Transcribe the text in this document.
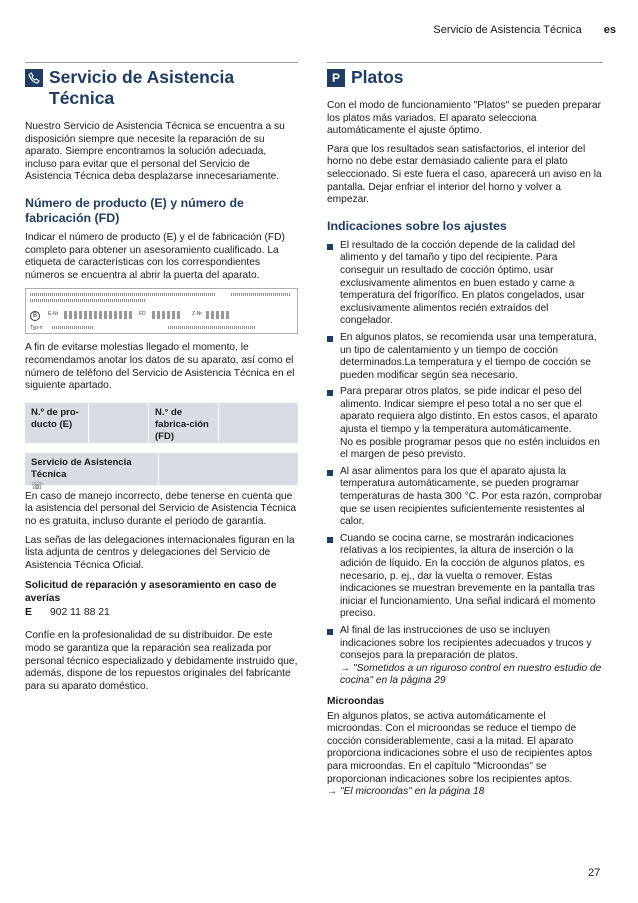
Servicio de Asistencia Técnica es
Servicio de Asistencia Técnica

Nuestro Servicio de Asistencia Técnica se encuentra a su disposición siempre que necesite la reparación de su aparato. Siempre encontramos la solución adecuada, incluso para evitar que el personal del Servicio de Asistencia Técnica deba desplazarse innecesariamente.

Número de producto (E) y número de fabricación (FD)

Indicar el número de producto (E) y el de fabricación (FD) completo para obtener un asesoramiento cualificado. La etiqueta de características con los correspondientes números se encuentra al abrir la puerta del aparato.

B	E-Nr	FD	Z-Nr
Typ-n

A fin de evitarse molestias llegado el momento, le recomendamos anotar los datos de su aparato, así como el número de teléfono del Servicio de Asistencia Técnica en el siguiente apartado.

N.º de pro-ducto (E)
N.° de fabrica-ción (FD)
Servicio de Asistencia Técnica
☏

En caso de manejo incorrecto, debe tenerse en cuenta que la asistencia del personal del Servicio de Asistencia Técnica no es gratuita, incluso durante el periodo de garantía.

Las señas de las delegaciones internacionales figuran en la lista adjunta de centros y delegaciones del Servicio de Asistencia Técnica Oficial.

Solicitud de reparación y asesoramiento en caso de averías
E 902 11 88 21

Confíe en la profesionalidad de su distribuidor. De este modo se garantiza que la reparación sea realizada por personal técnico especializado y debidamente instruido que, además, dispone de los repuestos originales del fabricante para su aparato doméstico.

P Platos

Con el modo de funcionamiento "Platos" se pueden preparar los platos más variados. El aparato selecciona automáticamente el ajuste óptimo.

Para que los resultados sean satisfactorios, el interior del horno no debe estar demasiado caliente para el plato seleccionado. Si este fuera el caso, aparecerá un aviso en la pantalla. Dejar enfriar el interior del horno y volver a empezar.

Indicaciones sobre los ajustes
El resultado de la cocción depende de la calidad del alimento y del tamaño y tipo del recipiente. Para conseguir un resultado de cocción óptimo, usar exclusivamente alimentos en buen estado y carne a temperatura del frigorífico. En platos congelados, usar exclusivamente alimentos recién extraídos del congelador.
En algunos platos, se recomienda usar una temperatura, un tipo de calentamiento y un tiempo de cocción determinados.La temperatura y el tiempo de cocción se pueden modificar según sea necesario.
Para preparar otros platos, se pide indicar el peso del alimento. Indicar siempre el peso total a no ser que el aparato requiera algo distinto. En estos casos, el aparato ajusta el tiempo y la temperatura automáticamente.
No es posible programar pesos que no estén incluidos en el margen de peso previsto.
Al asar alimentos para los que el aparato ajusta la temperatura automáticamente, se pueden programar temperaturas de hasta 300 °C. Por esta razón, comprobar que se usen recipientes suficientemente resistentes al calor.
Cuando se cocina carne, se mostrarán indicaciones relativas a los recipientes, la altura de inserción o la adición de líquido. En la cocción de algunos platos, es necesario, p. ej., dar la vuelta o remover. Estas indicaciones se muestran brevemente en la pantalla tras iniciar el funcionamiento. Una señal indicará el momento preciso.
Al final de las instrucciones de uso se incluyen indicaciones sobre los recipientes adecuados y trucos y consejos para la preparación de platos.
→ "Sometidos a un riguroso control en nuestro estudio de cocina" en la página 29
Microondas

En algunos platos, se activa automáticamente el microondas. Con el microondas se reduce el tiempo de cocción considerablemente, casi a la mitad. El aparato proporciona indicaciones sobre el uso de recipientes aptos para microondas. En el capítulo "Microondas" se proporcionan indicaciones sobre los recipientes aptos.
→ "El microondas" en la página 18

27
